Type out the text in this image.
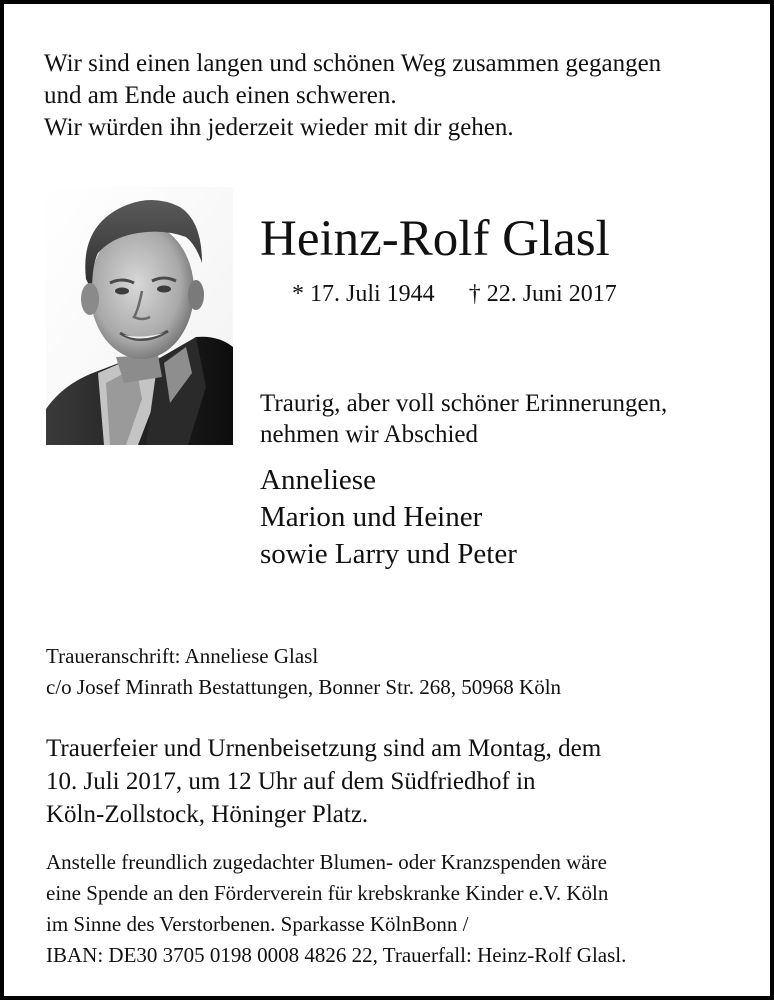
Wir sind einen langen und schönen Weg zusammen gegangen
und am Ende auch einen schweren.
Wir würden ihn jederzeit wieder mit dir gehen.
Heinz-Rolf Glasl
* 17. Juli 1944 † 22. Juni 2017
Traurig, aber voll schöner Erinnerungen,
nehmen wir Abschied
Anneliese
Marion und Heiner
sowie Larry und Peter
Traueranschrift: Anneliese Glasl
c/o Josef Minrath Bestattungen, Bonner Str. 268, 50968 Köln
Trauerfeier und Urnenbeisetzung sind am Montag, dem
10. Juli 2017, um 12 Uhr auf dem Südfriedhof in
Köln-Zollstock, Höninger Platz.
Anstelle freundlich zugedachter Blumen- oder Kranzspenden wäre
eine Spende an den Förderverein für krebskranke Kinder e.V. Köln
im Sinne des Verstorbenen. Sparkasse KölnBonn /
IBAN: DE30 3705 0198 0008 4826 22, Trauerfall: Heinz-Rolf Glasl.
